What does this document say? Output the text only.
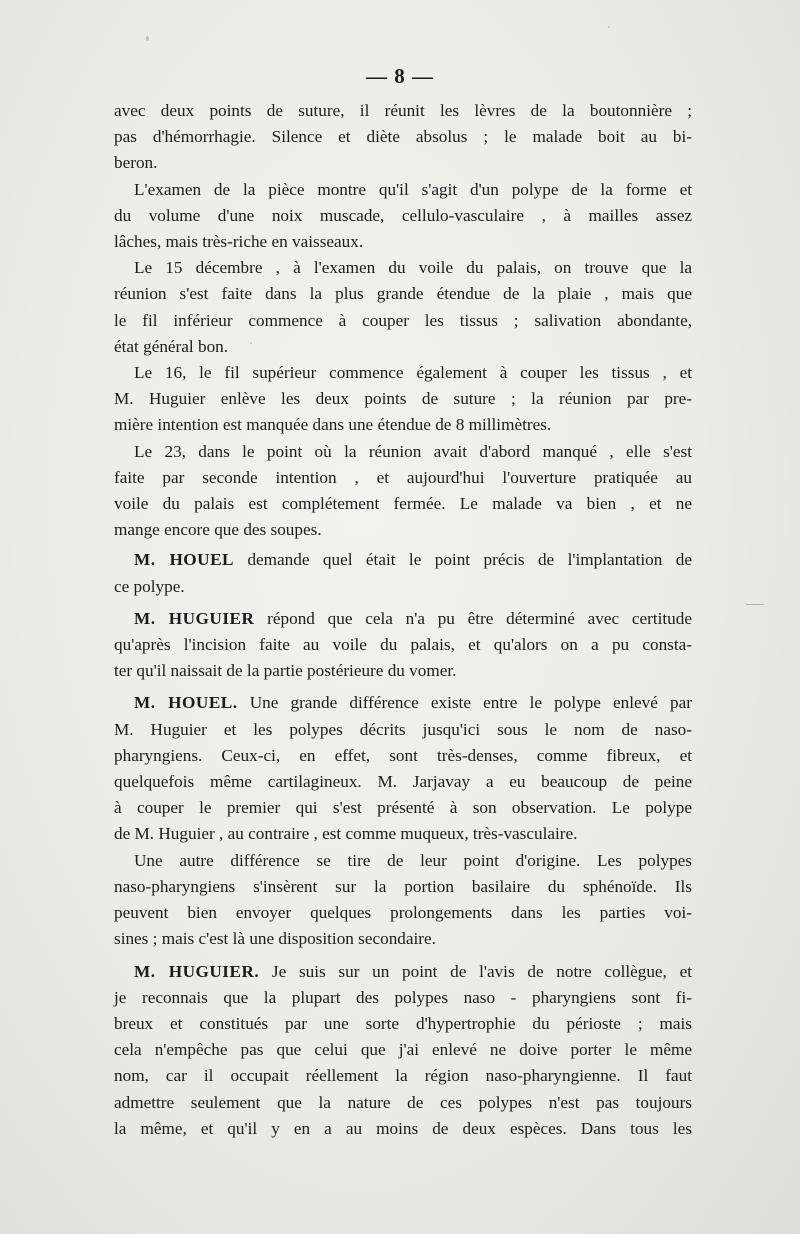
— 8 —

avec deux points de suture, il réunit les lèvres de la boutonnière ;
pas d'hémorrhagie. Silence et diète absolus ; le malade boit au bi-
beron.

L'examen de la pièce montre qu'il s'agit d'un polype de la forme et
du volume d'une noix muscade, cellulo-vasculaire , à mailles assez
lâches, mais très-riche en vaisseaux.

Le 15 décembre , à l'examen du voile du palais, on trouve que la
réunion s'est faite dans la plus grande étendue de la plaie , mais que
le fil inférieur commence à couper les tissus ; salivation abondante,
état général bon.

Le 16, le fil supérieur commence également à couper les tissus , et
M. Huguier enlève les deux points de suture ; la réunion par pre-
mière intention est manquée dans une étendue de 8 millimètres.

Le 23, dans le point où la réunion avait d'abord manqué , elle s'est
faite par seconde intention , et aujourd'hui l'ouverture pratiquée au
voile du palais est complétement fermée. Le malade va bien , et ne
mange encore que des soupes.

M. HOUEL demande quel était le point précis de l'implantation de
ce polype.

M. HUGUIER répond que cela n'a pu être déterminé avec certitude
qu'après l'incision faite au voile du palais, et qu'alors on a pu consta-
ter qu'il naissait de la partie postérieure du vomer.

M. HOUEL. Une grande différence existe entre le polype enlevé par
M. Huguier et les polypes décrits jusqu'ici sous le nom de naso-
pharyngiens. Ceux-ci, en effet, sont très-denses, comme fibreux, et
quelquefois même cartilagineux. M. Jarjavay a eu beaucoup de peine
à couper le premier qui s'est présenté à son observation. Le polype
de M. Huguier , au contraire , est comme muqueux, très-vasculaire.

Une autre différence se tire de leur point d'origine. Les polypes
naso-pharyngiens s'insèrent sur la portion basilaire du sphénoïde. Ils
peuvent bien envoyer quelques prolongements dans les parties voi-
sines ; mais c'est là une disposition secondaire.

M. HUGUIER. Je suis sur un point de l'avis de notre collègue, et
je reconnais que la plupart des polypes naso - pharyngiens sont fi-
breux et constitués par une sorte d'hypertrophie du périoste ; mais
cela n'empêche pas que celui que j'ai enlevé ne doive porter le même
nom, car il occupait réellement la région naso-pharyngienne. Il faut
admettre seulement que la nature de ces polypes n'est pas toujours
la même, et qu'il y en a au moins de deux espèces. Dans tous les
